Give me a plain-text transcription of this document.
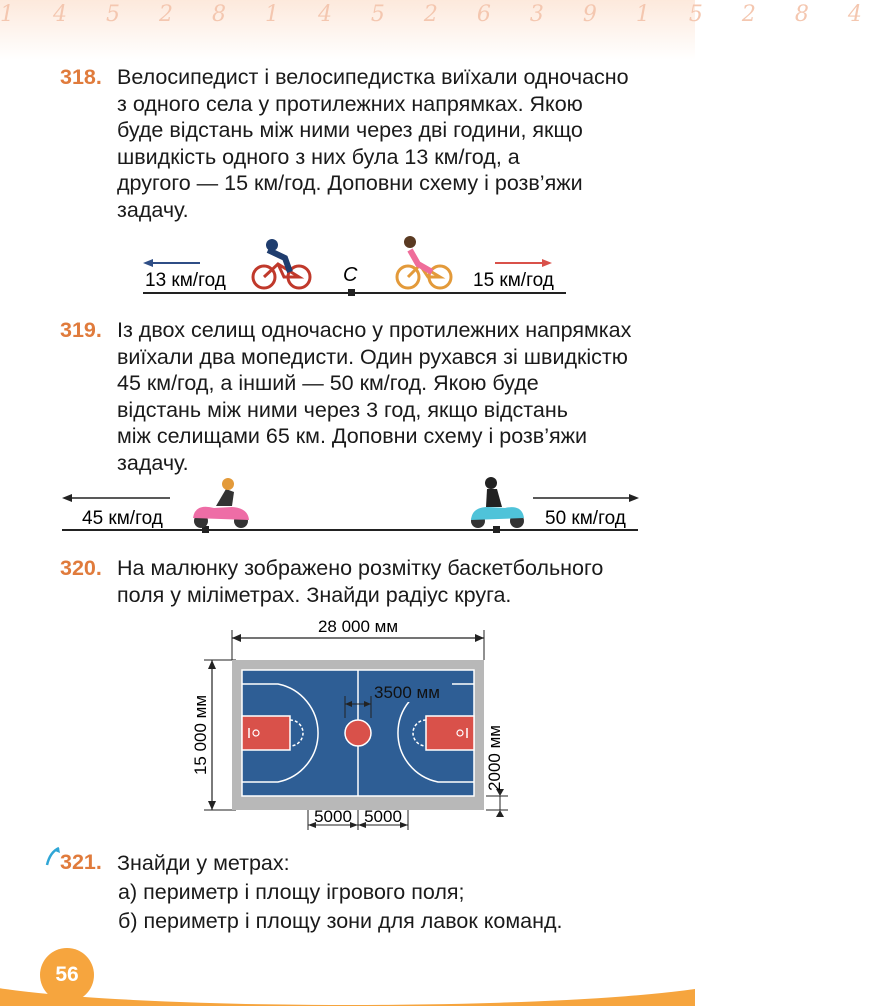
1 4 5 2 8 1 4 5 2 6 3 9 1 5 2 8 4
318. Велосипедист і велосипедистка виїхали одночасно
з одного села у протилежних напрямках. Якою
буде відстань між ними через дві години, якщо
швидкість одного з них була 13 км/год, а
другого — 15 км/год. Доповни схему і розв’яжи
задачу.
13 км/год	С	15 км/год
319. Із двох селищ одночасно у протилежних напрямках
виїхали два мопедисти. Один рухався зі швидкістю
45 км/год, а інший — 50 км/год. Якою буде
відстань між ними через 3 год, якщо відстань
між селищами 65 км. Доповни схему і розв’яжи
задачу.
45 км/год	50 км/год
320. На малюнку зображено розмітку баскетбольного
поля у міліметрах. Знайди радіус круга.
28 000 мм
15 000 мм
3500 мм
2000 мм
5000 5000
321. Знайди у метрах:
а) периметр і площу ігрового поля;
б) периметр і площу зони для лавок команд.
56
